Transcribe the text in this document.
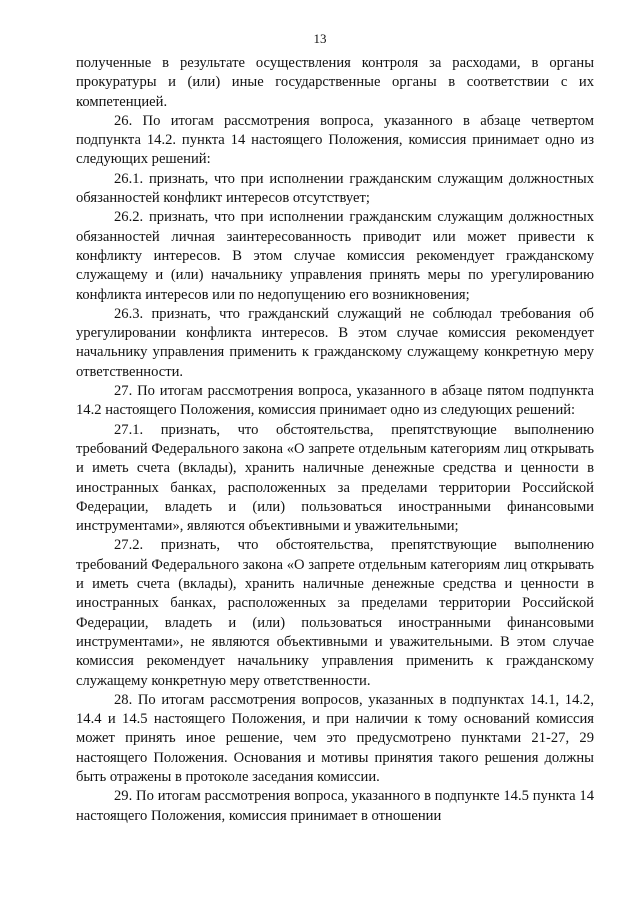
13

полученные в результате осуществления контроля за расходами, в органы прокуратуры и (или) иные государственные органы в соответствии с их компетенцией.

26. По итогам рассмотрения вопроса, указанного в абзаце четвертом подпункта 14.2. пункта 14 настоящего Положения, комиссия принимает одно из следующих решений:

26.1. признать, что при исполнении гражданским служащим должностных обязанностей конфликт интересов отсутствует;

26.2. признать, что при исполнении гражданским служащим должностных обязанностей личная заинтересованность приводит или может привести к конфликту интересов. В этом случае комиссия рекомендует гражданскому служащему и (или) начальнику управления принять меры по урегулированию конфликта интересов или по недопущению его возникновения;

26.3. признать, что гражданский служащий не соблюдал требования об урегулировании конфликта интересов. В этом случае комиссия рекомендует начальнику управления применить к гражданскому служащему конкретную меру ответственности.

27. По итогам рассмотрения вопроса, указанного в абзаце пятом подпункта 14.2 настоящего Положения, комиссия принимает одно из следующих решений:

27.1. признать, что обстоятельства, препятствующие выполнению требований Федерального закона «О запрете отдельным категориям лиц открывать и иметь счета (вклады), хранить наличные денежные средства и ценности в иностранных банках, расположенных за пределами территории Российской Федерации, владеть и (или) пользоваться иностранными финансовыми инструментами», являются объективными и уважительными;

27.2. признать, что обстоятельства, препятствующие выполнению требований Федерального закона «О запрете отдельным категориям лиц открывать и иметь счета (вклады), хранить наличные денежные средства и ценности в иностранных банках, расположенных за пределами территории Российской Федерации, владеть и (или) пользоваться иностранными финансовыми инструментами», не являются объективными и уважительными. В этом случае комиссия рекомендует начальнику управления применить к гражданскому служащему конкретную меру ответственности.

28. По итогам рассмотрения вопросов, указанных в подпунктах 14.1, 14.2, 14.4 и 14.5 настоящего Положения, и при наличии к тому оснований комиссия может принять иное решение, чем это предусмотрено пунктами 21-27, 29 настоящего Положения. Основания и мотивы принятия такого решения должны быть отражены в протоколе заседания комиссии.

29. По итогам рассмотрения вопроса, указанного в подпункте 14.5 пункта 14 настоящего Положения, комиссия принимает в отношении
